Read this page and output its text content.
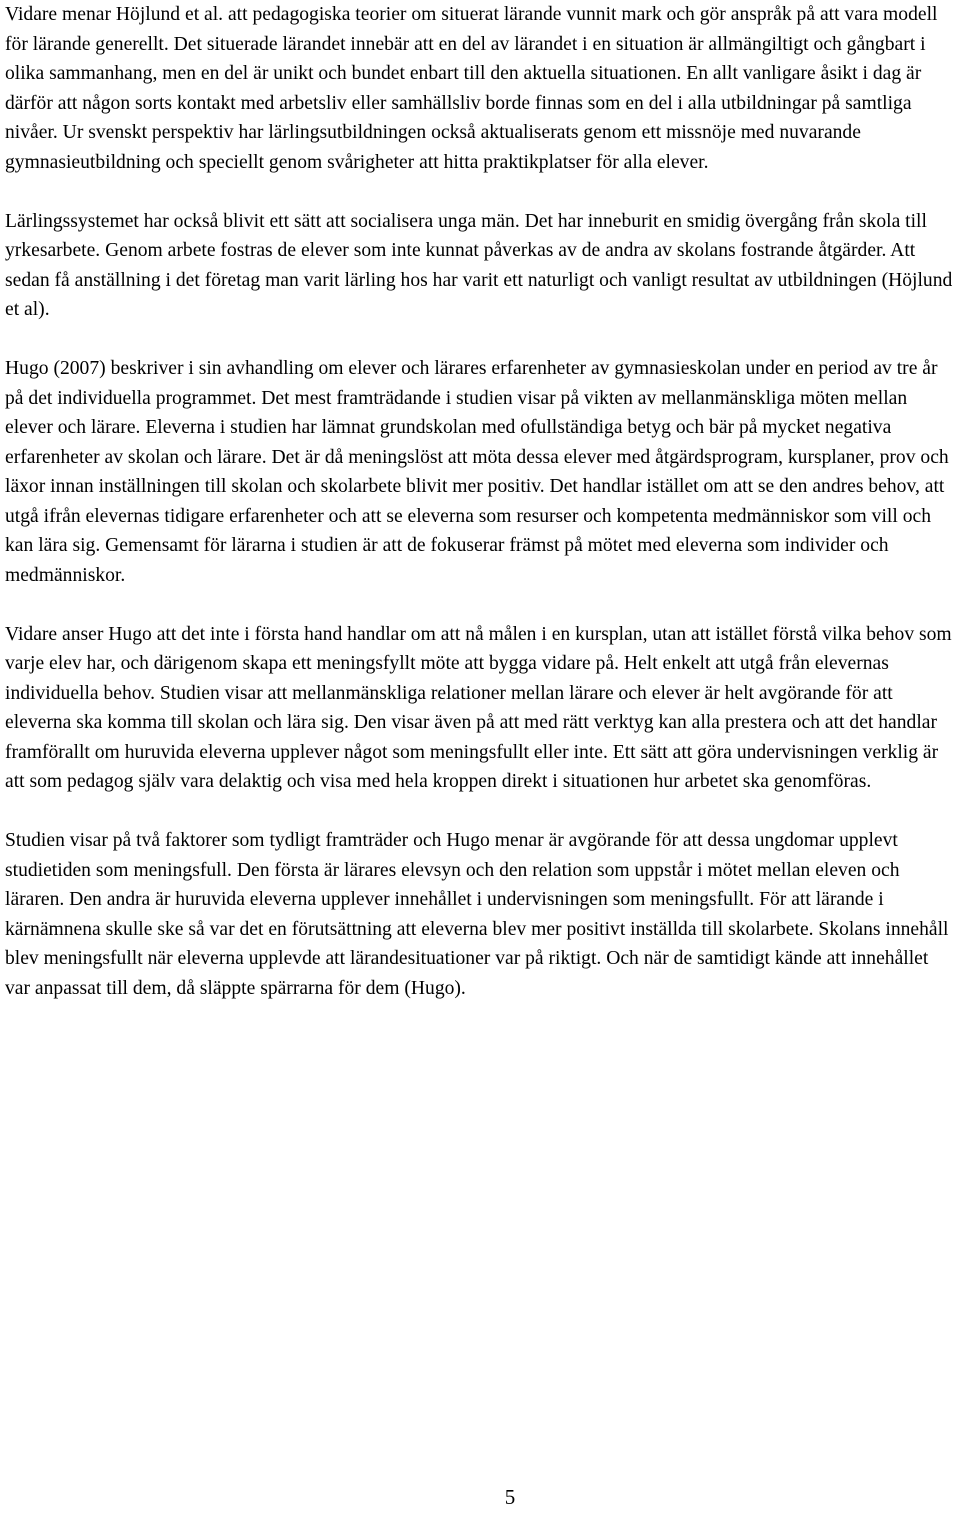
Vidare menar Höjlund et al. att pedagogiska teorier om situerat lärande vunnit mark och gör anspråk på att vara modell för lärande generellt. Det situerade lärandet innebär att en del av lärandet i en situation är allmängiltigt och gångbart i olika sammanhang, men en del är unikt och bundet enbart till den aktuella situationen. En allt vanligare åsikt i dag är därför att någon sorts kontakt med arbetsliv eller samhällsliv borde finnas som en del i alla utbildningar på samtliga nivåer. Ur svenskt perspektiv har lärlingsutbildningen också aktualiserats genom ett missnöje med nuvarande gymnasieutbildning och speciellt genom svårigheter att hitta praktikplatser för alla elever.

Lärlingssystemet har också blivit ett sätt att socialisera unga män. Det har inneburit en smidig övergång från skola till yrkesarbete. Genom arbete fostras de elever som inte kunnat påverkas av de andra av skolans fostrande åtgärder. Att sedan få anställning i det företag man varit lärling hos har varit ett naturligt och vanligt resultat av utbildningen (Höjlund et al).

Hugo (2007) beskriver i sin avhandling om elever och lärares erfarenheter av gymnasieskolan under en period av tre år på det individuella programmet. Det mest framträdande i studien visar på vikten av mellanmänskliga möten mellan elever och lärare. Eleverna i studien har lämnat grundskolan med ofullständiga betyg och bär på mycket negativa erfarenheter av skolan och lärare. Det är då meningslöst att möta dessa elever med åtgärdsprogram, kursplaner, prov och läxor innan inställningen till skolan och skolarbete blivit mer positiv. Det handlar istället om att se den andres behov, att utgå ifrån elevernas tidigare erfarenheter och att se eleverna som resurser och kompetenta medmänniskor som vill och kan lära sig. Gemensamt för lärarna i studien är att de fokuserar främst på mötet med eleverna som individer och medmänniskor.

Vidare anser Hugo att det inte i första hand handlar om att nå målen i en kursplan, utan att istället förstå vilka behov som varje elev har, och därigenom skapa ett meningsfyllt möte att bygga vidare på. Helt enkelt att utgå från elevernas individuella behov. Studien visar att mellanmänskliga relationer mellan lärare och elever är helt avgörande för att eleverna ska komma till skolan och lära sig. Den visar även på att med rätt verktyg kan alla prestera och att det handlar framförallt om huruvida eleverna upplever något som meningsfullt eller inte. Ett sätt att göra undervisningen verklig är att som pedagog själv vara delaktig och visa med hela kroppen direkt i situationen hur arbetet ska genomföras.

Studien visar på två faktorer som tydligt framträder och Hugo menar är avgörande för att dessa ungdomar upplevt studietiden som meningsfull. Den första är lärares elevsyn och den relation som uppstår i mötet mellan eleven och läraren. Den andra är huruvida eleverna upplever innehållet i undervisningen som meningsfullt. För att lärande i kärnämnena skulle ske så var det en förutsättning att eleverna blev mer positivt inställda till skolarbete. Skolans innehåll blev meningsfullt när eleverna upplevde att lärandesituationer var på riktigt. Och när de samtidigt kände att innehållet var anpassat till dem, då släppte spärrarna för dem (Hugo).

5
